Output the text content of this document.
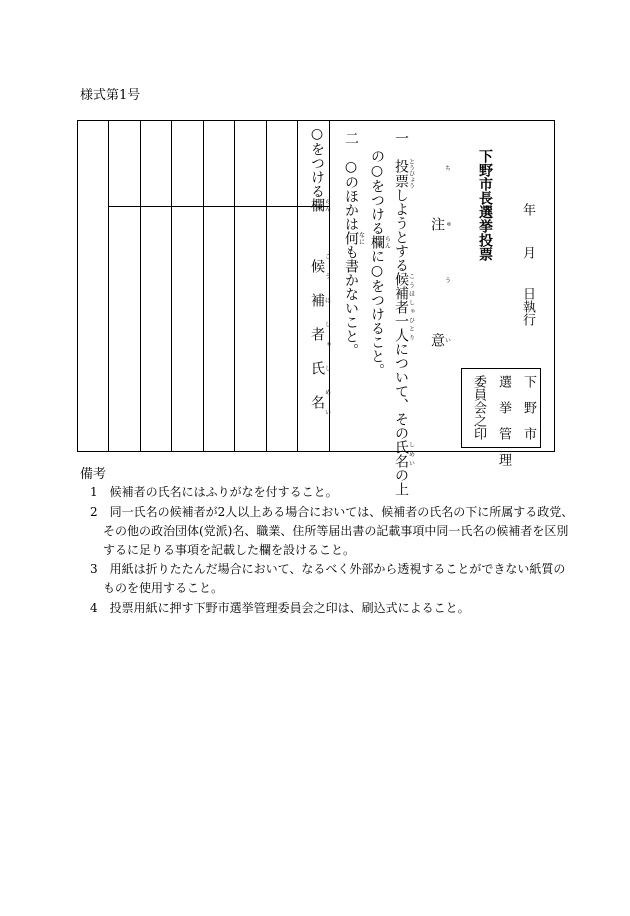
様式第1号
○をつける欄らん
候こう補ほ者しゃ氏し名めい
二　○のほかは何なにも書かないこと。
の○をつける欄らんに○をつけること。
一　投票とうひょうしようとする候補者一人こうほしゃひとりについて、その氏名しめいの上
注ちゅう意い
下野市長選挙投票 年月日執行
下　野　市
選　挙　管　理
委員会之印
備考
1　候補者の氏名にはふりがなを付すること。
2　同一氏名の候補者が2人以上ある場合においては、候補者の氏名の下に所属する政党、
その他の政治団体(党派)名、職業、住所等届出書の記載事項中同一氏名の候補者を区別
するに足りる事項を記載した欄を設けること。
3　用紙は折りたたんだ場合において、なるべく外部から透視することができない紙質の
ものを使用すること。
4　投票用紙に押す下野市選挙管理委員会之印は、刷込式によること。
